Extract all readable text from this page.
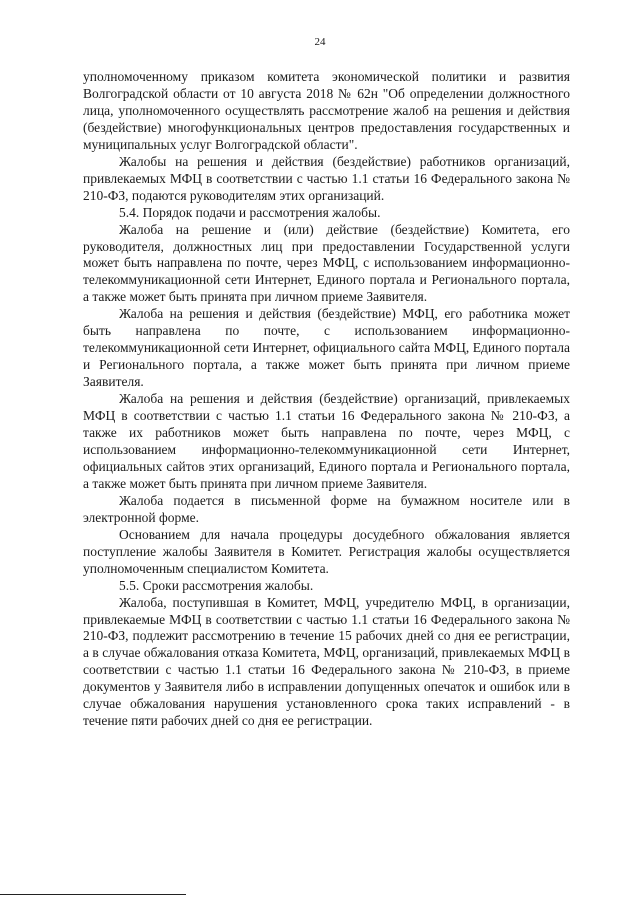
24

уполномоченному приказом комитета экономической политики и развития Волгоградской области от 10 августа 2018 № 62н "Об определении должностного лица, уполномоченного осуществлять рассмотрение жалоб на решения и действия (бездействие) многофункциональных центров предоставления государственных и муниципальных услуг Волгоградской области".

Жалобы на решения и действия (бездействие) работников организаций, привлекаемых МФЦ в соответствии с частью 1.1 статьи 16 Федерального закона № 210-ФЗ, подаются руководителям этих организаций.

5.4. Порядок подачи и рассмотрения жалобы.

Жалоба на решение и (или) действие (бездействие) Комитета, его руководителя, должностных лиц при предоставлении Государственной услуги может быть направлена по почте, через МФЦ, с использованием информационно-телекоммуникационной сети Интернет, Единого портала и Регионального портала, а также может быть принята при личном приеме Заявителя.

Жалоба на решения и действия (бездействие) МФЦ, его работника может быть направлена по почте, с использованием информационно-телекоммуникационной сети Интернет, официального сайта МФЦ, Единого портала и Регионального портала, а также может быть принята при личном приеме Заявителя.

Жалоба на решения и действия (бездействие) организаций, привлекаемых МФЦ в соответствии с частью 1.1 статьи 16 Федерального закона № 210-ФЗ, а также их работников может быть направлена по почте, через МФЦ, с использованием информационно-телекоммуникационной сети Интернет, официальных сайтов этих организаций, Единого портала и Регионального портала, а также может быть принята при личном приеме Заявителя.

Жалоба подается в письменной форме на бумажном носителе или в электронной форме.

Основанием для начала процедуры досудебного обжалования является поступление жалобы Заявителя в Комитет. Регистрация жалобы осуществляется уполномоченным специалистом Комитета.

5.5. Сроки рассмотрения жалобы.

Жалоба, поступившая в Комитет, МФЦ, учредителю МФЦ, в организации, привлекаемые МФЦ в соответствии с частью 1.1 статьи 16 Федерального закона № 210-ФЗ, подлежит рассмотрению в течение 15 рабочих дней со дня ее регистрации, а в случае обжалования отказа Комитета, МФЦ, организаций, привлекаемых МФЦ в соответствии с частью 1.1 статьи 16 Федерального закона № 210-ФЗ, в приеме документов у Заявителя либо в исправлении допущенных опечаток и ошибок или в случае обжалования нарушения установленного срока таких исправлений - в течение пяти рабочих дней со дня ее регистрации.
